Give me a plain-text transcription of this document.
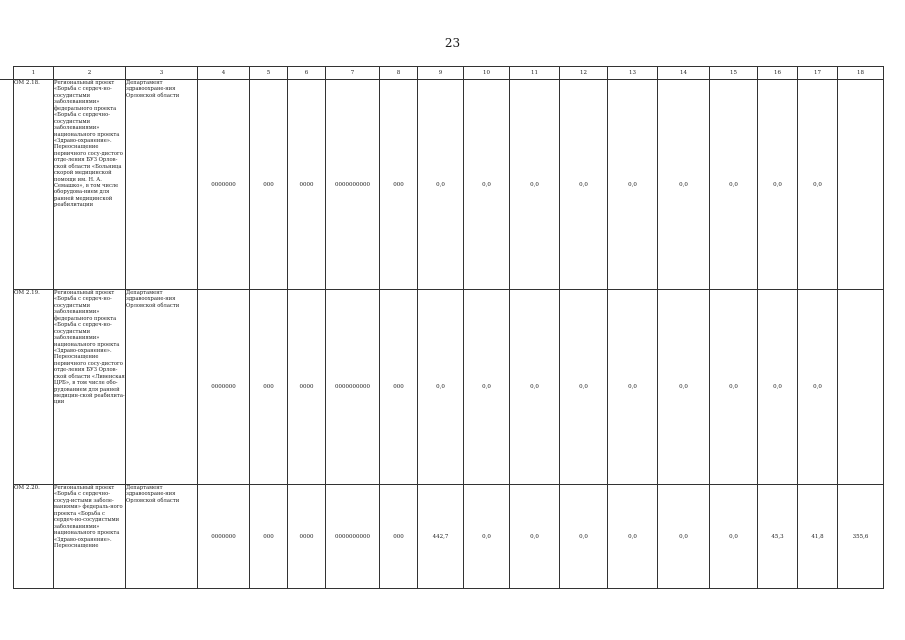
23
1	2	3	4	5	6	7	8	9	10	11	12	13	14	15	16	17	18
ОМ 2.18.	Региональный проект «Борьба с сердеч-но-сосудистыми заболеваниями» федерального проекта «Борьба с сердечно-сосудистыми заболеваниями» национального проекта «Здраво-охранение». Переоснащение первичного сосу-дистого отде-ления БУЗ Орлов-ской области «Больница скорой медицинской помощи им. Н. А. Семашко», в том числе оборудова-нием для ранней медицинской реабилитации	Департамент здравоохране-ния Орловской области	0000000	000	0000	0000000000	000	0,0	0,0	0,0	0,0	0,0	0,0	0,0	0,0	0,0	
ОМ 2.19.	Региональный проект «Борьба с сердеч-но-сосудистыми заболеваниями» федерального проекта «Борьба с сердеч-но-сосудистыми заболеваниями» национального проекта «Здраво-охранение». Переоснащение первичного сосу-дистого отде-ления БУЗ Орлов-ской области «Ливенская ЦРБ», в том числе обо-рудованием для ранней медицин-ской реабилита-ции	Департамент здравоохране-ния Орловской области	0000000	000	0000	0000000000	000	0,0	0,0	0,0	0,0	0,0	0,0	0,0	0,0	0,0	
ОМ 2.20.	Региональный проект «Борьба с сердечно-сосуд-истыми заболе-ваниями» федераль-ного проекта «Борьба с сердеч-но-сосудистыми заболеваниями» национального проекта «Здраво-охранение». Переоснащение	Департамент здравоохране-ния Орловской области	0000000	000	0000	0000000000	000	442,7	0,0	0,0	0,0	0,0	0,0	0,0	45,3	41,8	355,6
